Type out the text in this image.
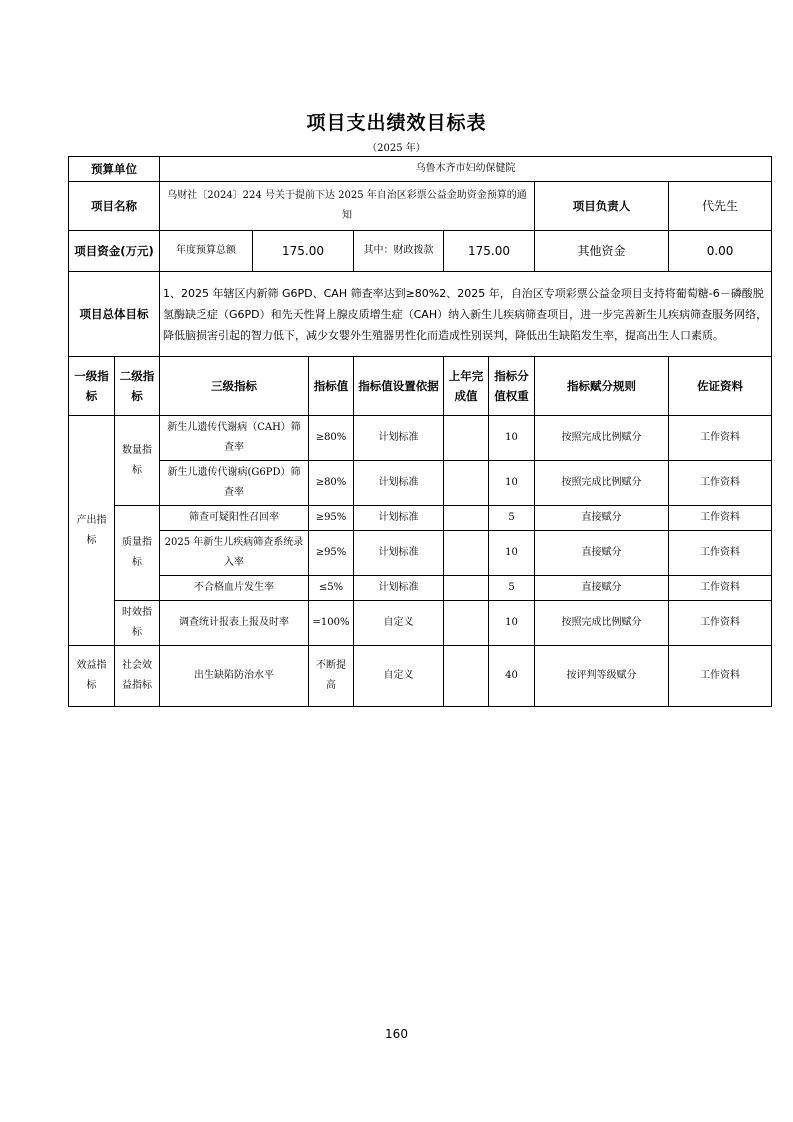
项目支出绩效目标表
（2025 年）
预算单位		乌鲁木齐市妇幼保健院							
项目名称		乌财社〔2024〕224 号关于提前下达 2025 年自治区彩票公益金助资金预算的通知						项目负责人	代先生
项目资金(万元)		年度预算总额	175.00		其中：财政拨款	175.00		其他资金	0.00
项目总体目标		1、2025 年辖区内新筛 G6PD、CAH 筛查率达到≥80%2、2025 年，自治区专项彩票公益金项目支持将葡萄糖-6－磷酸脱氢酶缺乏症（G6PD）和先天性肾上腺皮质增生症（CAH）纳入新生儿疾病筛查项目，进一步完善新生儿疾病筛查服务网络，降低脑损害引起的智力低下，减少女婴外生殖器男性化而造成性别误判，降低出生缺陷发生率，提高出生人口素质。							
一级指标	二级指标	三级指标		指标值	指标值设置依据	上年完成值	指标分值权重	指标赋分规则	佐证资料
产出指标	数量指标	新生儿遗传代谢病（CAH）筛查率		≥80%	计划标准		10	按照完成比例赋分	工作资料
		新生儿遗传代谢病(G6PD）筛查率		≥80%	计划标准		10	按照完成比例赋分	工作资料
	质量指标	筛查可疑阳性召回率		≥95%	计划标准		5	直接赋分	工作资料
		2025 年新生儿疾病筛查系统录入率		≥95%	计划标准		10	直接赋分	工作资料
		不合格血片发生率		≤5%	计划标准		5	直接赋分	工作资料
	时效指标	调查统计报表上报及时率		=100%	自定义		10	按照完成比例赋分	工作资料
效益指标	社会效益指标	出生缺陷防治水平		不断提高	自定义		40	按评判等级赋分	工作资料
160
